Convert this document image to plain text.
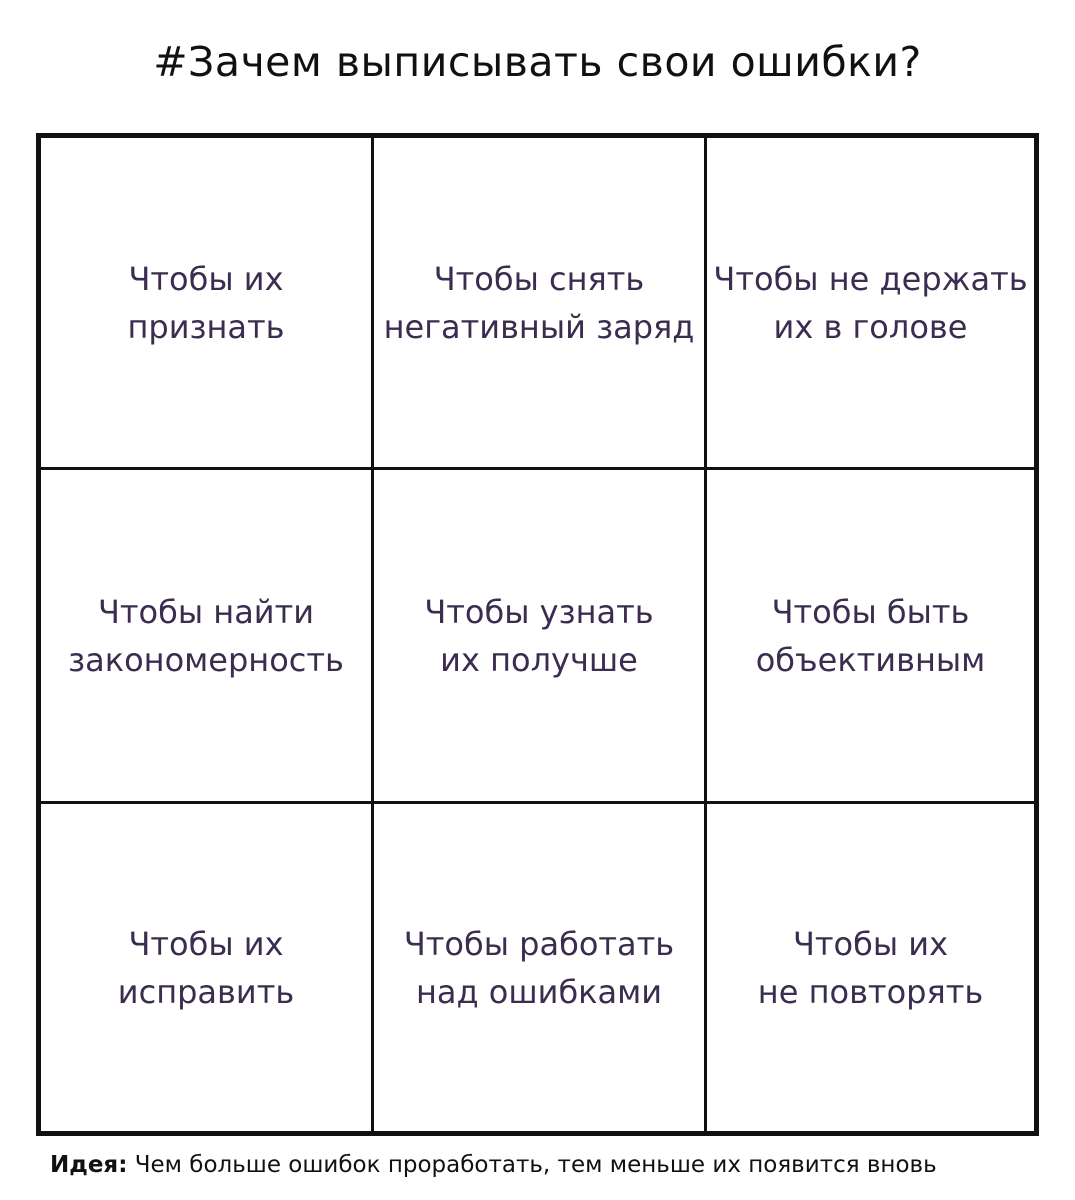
#Зачем выписывать свои ошибки?
Чтобы их
признать
Чтобы снять
негативный заряд
Чтобы не держать
их в голове
Чтобы найти
закономерность
Чтобы узнать
их получше
Чтобы быть
объективным
Чтобы их
исправить
Чтобы работать
над ошибками
Чтобы их
не повторять
Идея: Чем больше ошибок проработать, тем меньше их появится вновь
